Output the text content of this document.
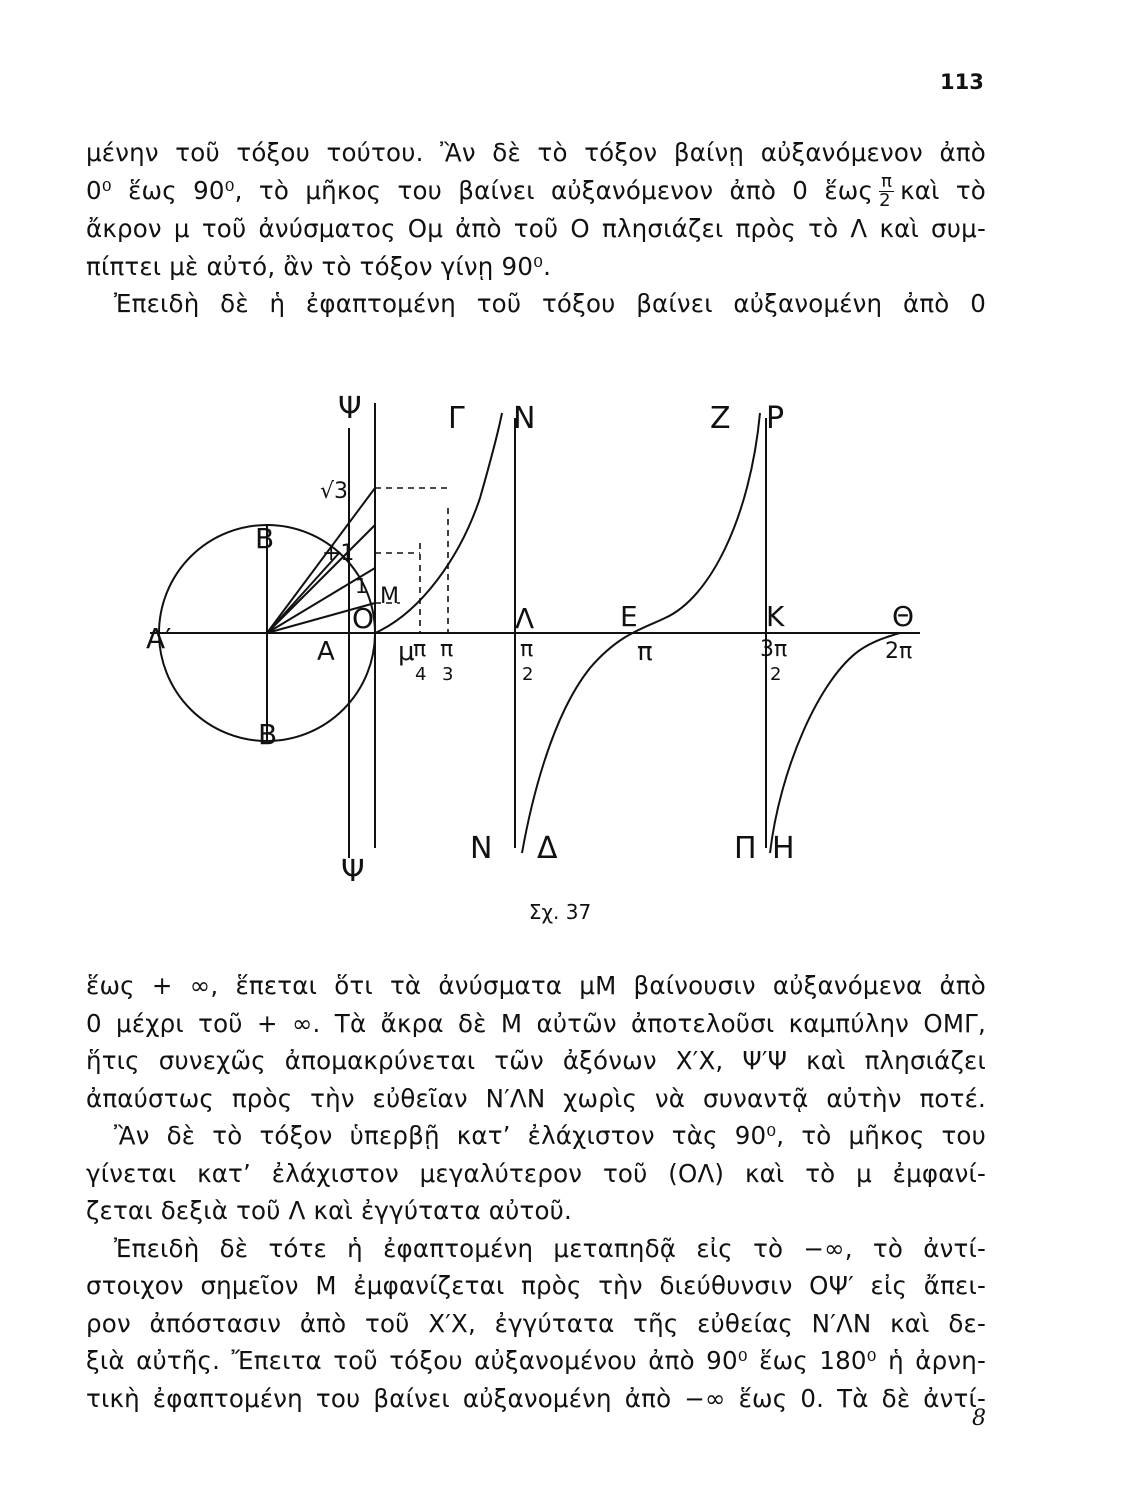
113
μένην τοῦ τόξου τούτου. Ἂν δὲ τὸ τόξον βαίνῃ αὐξανόμενον ἀπὸ
0⁰ ἕως 90⁰, τὸ μῆκος του βαίνει αὐξανόμενον ἀπὸ 0 ἕως $\frac{\pi}{2}$ καὶ τὸ
ἄκρον μ τοῦ ἀνύσματος Ομ ἀπὸ τοῦ Ο πλησιάζει πρὸς τὸ Λ καὶ συμ-
πίπτει μὲ αὐτό, ἂν τὸ τόξον γίνῃ 90⁰.
Ἐπειδὴ δὲ ἡ ἐφαπτομένη τοῦ τόξου βαίνει αὐξανομένη ἀπὸ 0
Ψ
Ψ
Γ Ν	Ζ Ρ
√3
Β +1
M
1
Ο
Α′	Α μ
Β
π
4
π
3
Λ
π
2
Ε
π
Κ
3π
2
Θ
2π
Ν Δ	Π Η
Σχ. 37
ἕως + ∞, ἕπεται ὅτι τὰ ἀνύσματα μΜ βαίνουσιν αὐξανόμενα ἀπὸ
0 μέχρι τοῦ + ∞. Τὰ ἄκρα δὲ Μ αὐτῶν ἀποτελοῦσι καμπύλην ΟΜΓ,
ἥτις συνεχῶς ἀπομακρύνεται τῶν ἀξόνων Χ′Χ, Ψ′Ψ καὶ πλησιάζει
ἀπαύστως πρὸς τὴν εὐθεῖαν Ν′ΛΝ χωρὶς νὰ συναντᾷ αὐτὴν ποτέ.
Ἂν δὲ τὸ τόξον ὑπερβῇ κατ’ ἐλάχιστον τὰς 90⁰, τὸ μῆκος του
γίνεται κατ’ ἐλάχιστον μεγαλύτερον τοῦ (ΟΛ) καὶ τὸ μ ἐμφανί-
ζεται δεξιὰ τοῦ Λ καὶ ἐγγύτατα αὐτοῦ.
Ἐπειδὴ δὲ τότε ἡ ἐφαπτομένη μεταπηδᾷ εἰς τὸ −∞, τὸ ἀντί-
στοιχον σημεῖον Μ ἐμφανίζεται πρὸς τὴν διεύθυνσιν ΟΨ′ εἰς ἄπει-
ρον ἀπόστασιν ἀπὸ τοῦ Χ′Χ, ἐγγύτατα τῆς εὐθείας Ν′ΛΝ καὶ δε-
ξιὰ αὐτῆς. Ἔπειτα τοῦ τόξου αὐξανομένου ἀπὸ 90⁰ ἕως 180⁰ ἡ ἀρνη-
τικὴ ἐφαπτομένη του βαίνει αὐξανομένη ἀπὸ −∞ ἕως 0. Τὰ δὲ ἀντί-
8
